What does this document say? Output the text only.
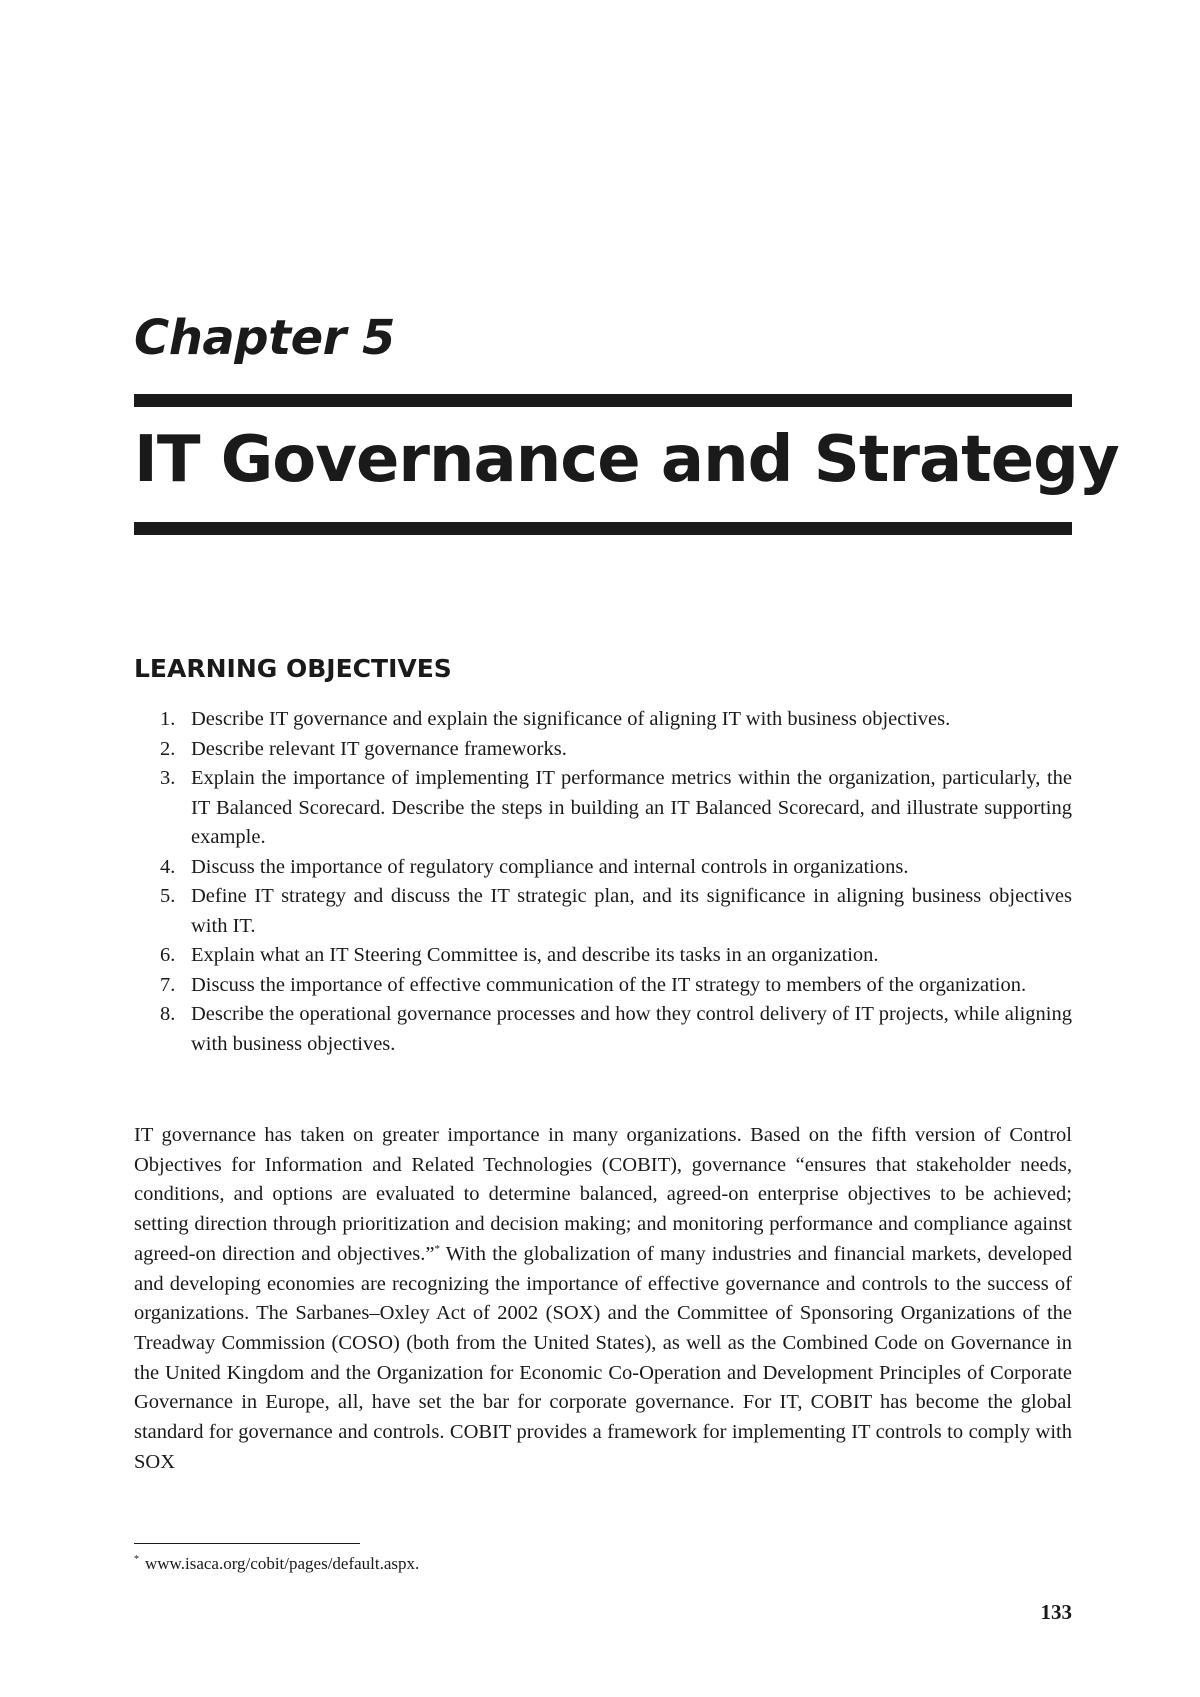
Chapter 5
IT Governance and Strategy
LEARNING OBJECTIVES
1. Describe IT governance and explain the significance of aligning IT with business objectives.
2. Describe relevant IT governance frameworks.
3. Explain the importance of implementing IT performance metrics within the organization, particularly, the IT Balanced Scorecard. Describe the steps in building an IT Balanced Scorecard, and illustrate supporting example.
4. Discuss the importance of regulatory compliance and internal controls in organizations.
5. Define IT strategy and discuss the IT strategic plan, and its significance in aligning business objectives with IT.
6. Explain what an IT Steering Committee is, and describe its tasks in an organization.
7. Discuss the importance of effective communication of the IT strategy to members of the organization.
8. Describe the operational governance processes and how they control delivery of IT projects, while aligning with business objectives.

IT governance has taken on greater importance in many organizations. Based on the fifth version of Control Objectives for Information and Related Technologies (COBIT), governance “ensures that stakeholder needs, conditions, and options are evaluated to determine balanced, agreed-on enterprise objectives to be achieved; setting direction through prioritization and decision making; and monitoring performance and compliance against agreed-on direction and objectives.”* With the globalization of many industries and financial markets, developed and developing economies are recognizing the importance of effective governance and controls to the success of organizations. The Sarbanes–Oxley Act of 2002 (SOX) and the Committee of Sponsoring Organizations of the Treadway Commission (COSO) (both from the United States), as well as the Combined Code on Governance in the United Kingdom and the Organization for Economic Co-Operation and Development Principles of Corporate Governance in Europe, all, have set the bar for corporate governance. For IT, COBIT has become the global standard for governance and controls. COBIT provides a framework for implementing IT controls to comply with SOX

* www.isaca.org/cobit/pages/default.aspx.
133
